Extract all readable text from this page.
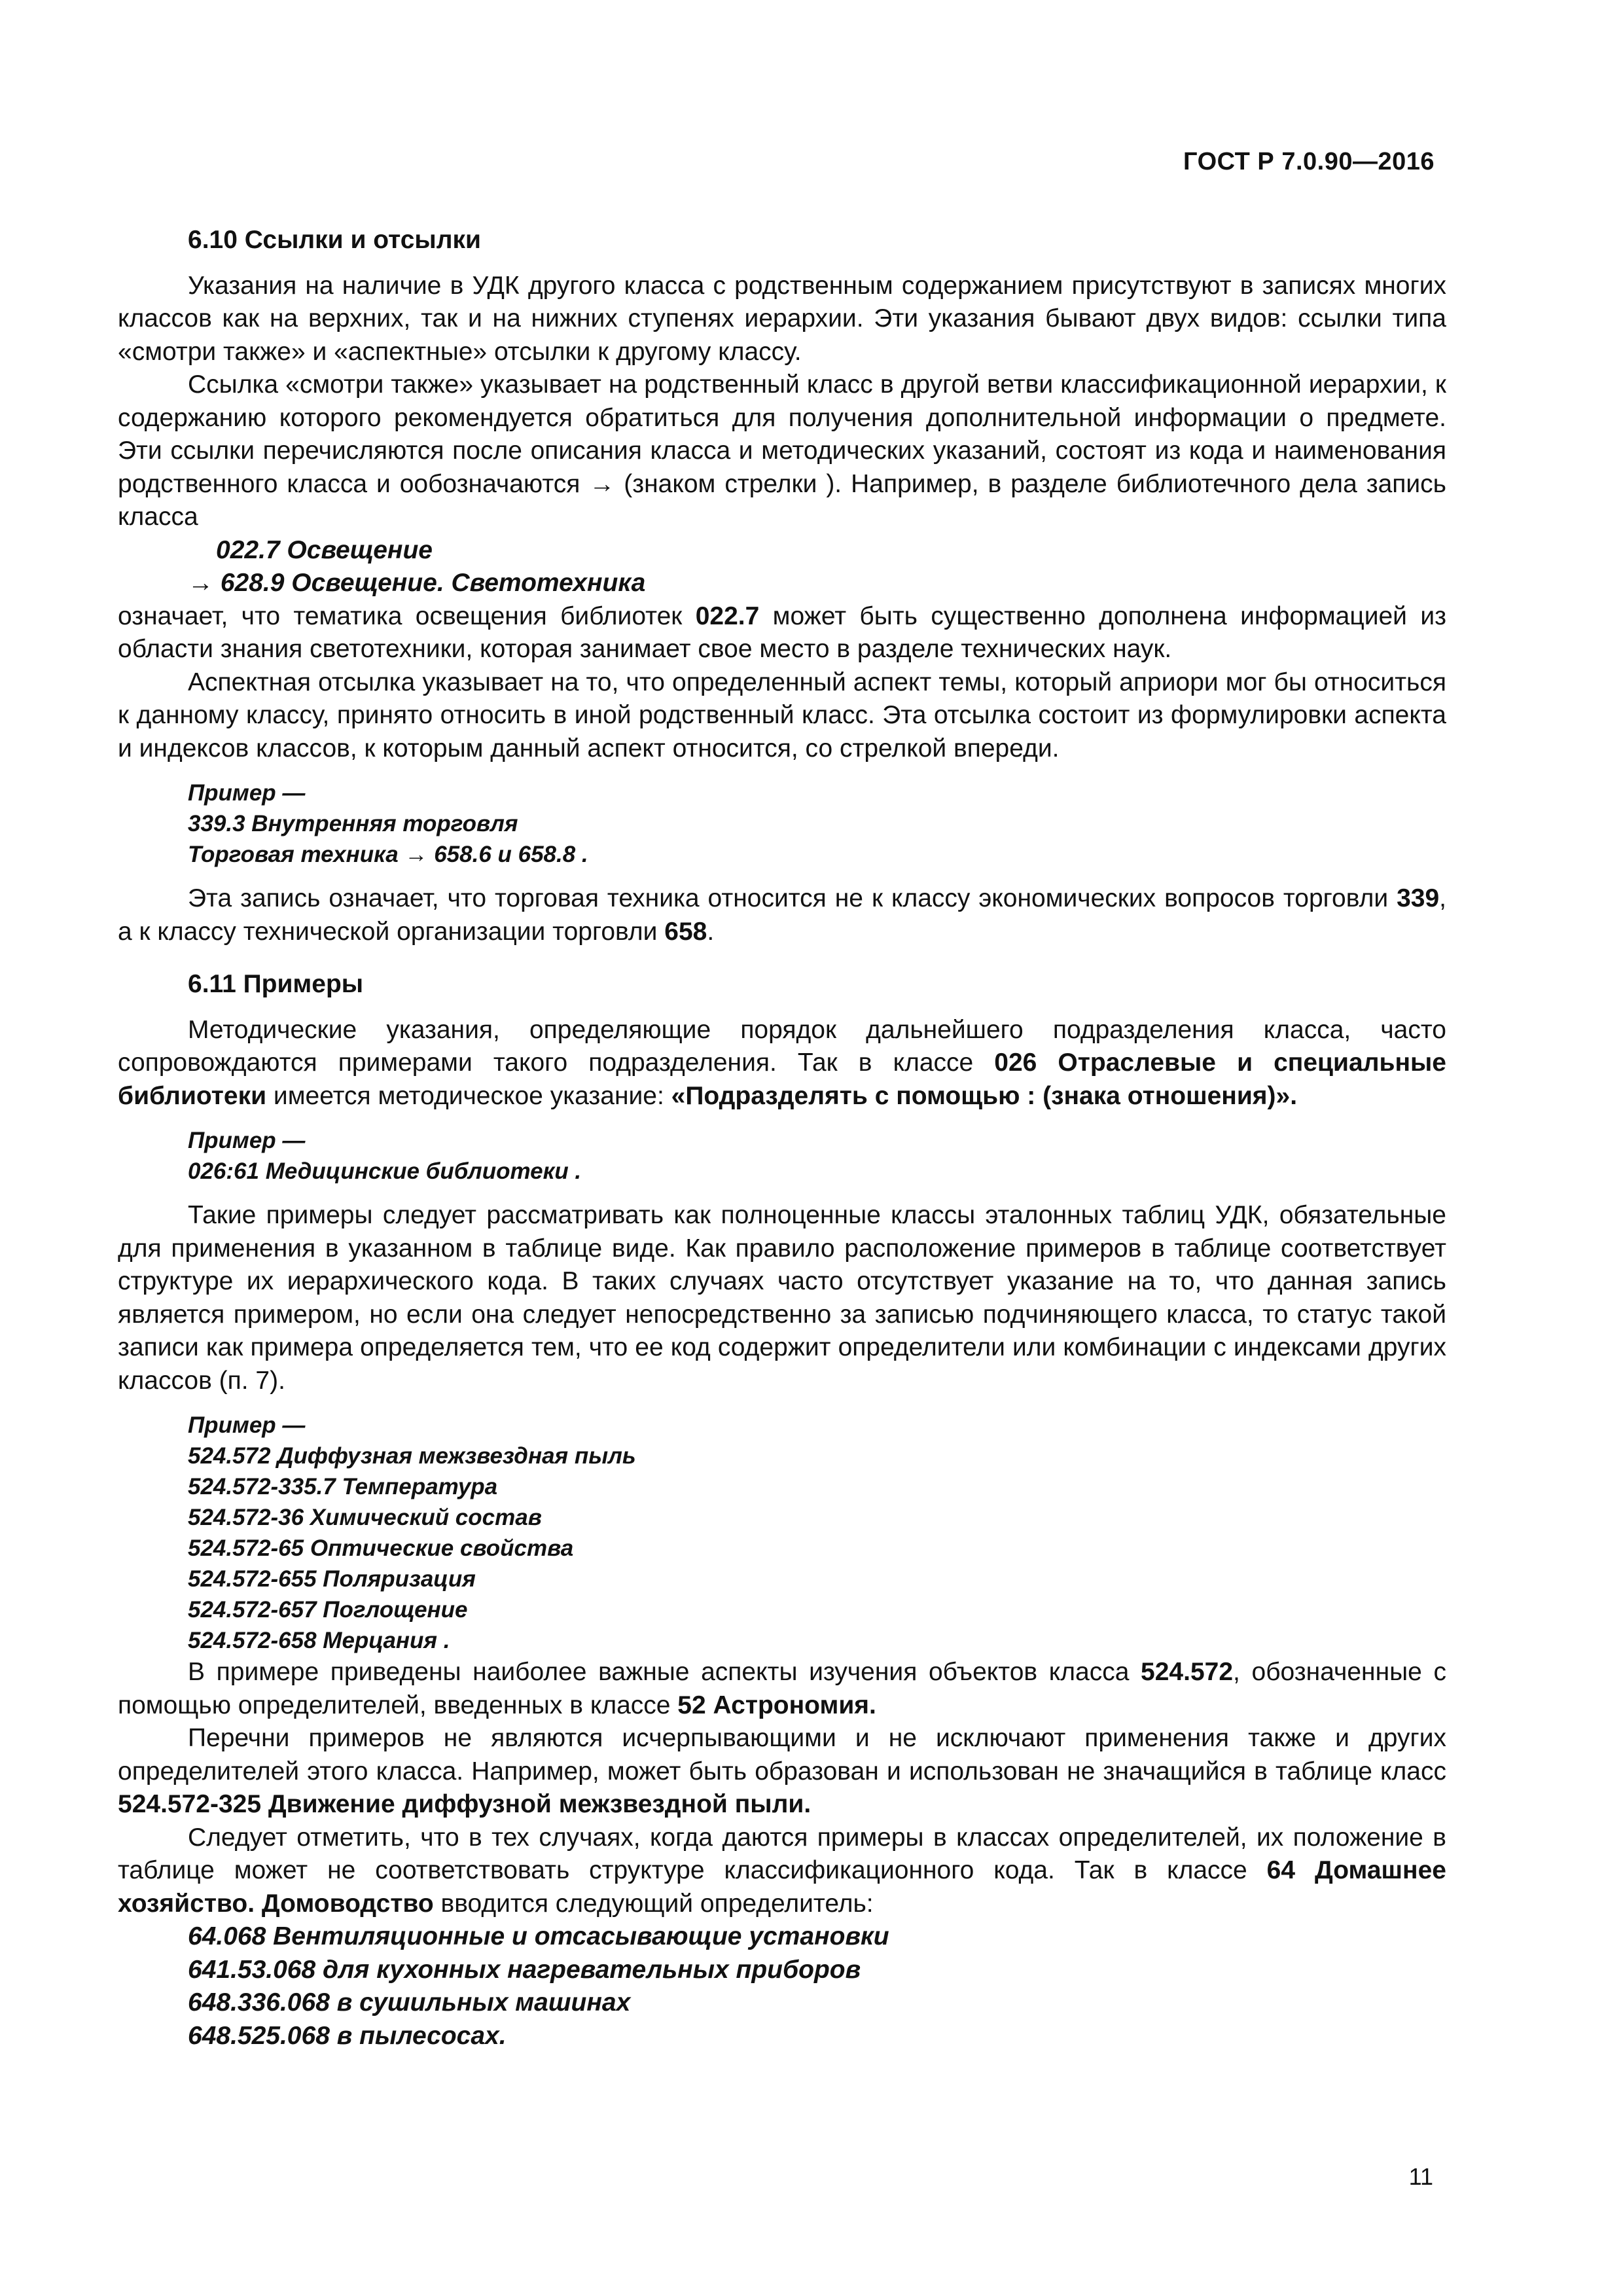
ГОСТ Р 7.0.90—2016

6.10 Ссылки и отсылки

Указания на наличие в УДК другого класса с родственным содержанием присутствуют в записях многих классов как на верхних, так и на нижних ступенях иерархии. Эти указания бывают двух видов: ссылки типа «смотри также» и «аспектные» отсылки к другому классу.

Ссылка «смотри также» указывает на родственный класс в другой ветви классификационной иерархии, к содержанию которого рекомендуется обратиться для получения дополнительной информации о предмете. Эти ссылки перечисляются после описания класса и методических указаний, состоят из кода и наименования родственного класса и ообозначаются → (знаком стрелки ). Например, в разделе библиотечного дела запись класса

022.7 Освещение

→ 628.9 Освещение. Светотехника

означает, что тематика освещения библиотек 022.7 может быть существенно дополнена информацией из области знания светотехники, которая занимает свое место в разделе технических наук.

Аспектная отсылка указывает на то, что определенный аспект темы, который априори мог бы относиться к данному классу, принято относить в иной родственный класс. Эта отсылка состоит из формулировки аспекта и индексов классов, к которым данный аспект относится, со стрелкой впереди.

Пример —

339.3 Внутренняя торговля

Торговая техника → 658.6 и 658.8 .

Эта запись означает, что торговая техника относится не к классу экономических вопросов торговли 339, а к классу технической организации торговли 658.

6.11 Примеры

Методические указания, определяющие порядок дальнейшего подразделения класса, часто сопровождаются примерами такого подразделения. Так в классе 026 Отраслевые и специальные библиотеки имеется методическое указание: «Подразделять с помощью : (знака отношения)».

Пример —

026:61 Медицинские библиотеки .

Такие примеры следует рассматривать как полноценные классы эталонных таблиц УДК, обязательные для применения в указанном в таблице виде. Как правило расположение примеров в таблице соответствует структуре их иерархического кода. В таких случаях часто отсутствует указание на то, что данная запись является примером, но если она следует непосредственно за записью подчиняющего класса, то статус такой записи как примера определяется тем, что ее код содержит определители или комбинации с индексами других классов (п. 7).

Пример —

524.572 Диффузная межзвездная пыль

524.572-335.7 Температура

524.572-36 Химический состав

524.572-65 Оптические свойства

524.572-655 Поляризация

524.572-657 Поглощение

524.572-658 Мерцания .

В примере приведены наиболее важные аспекты изучения объектов класса 524.572, обозначенные с помощью определителей, введенных в классе 52 Астрономия.

Перечни примеров не являются исчерпывающими и не исключают применения также и других определителей этого класса. Например, может быть образован и использован не значащийся в таблице класс 524.572-325 Движение диффузной межзвездной пыли.

Следует отметить, что в тех случаях, когда даются примеры в классах определителей, их положение в таблице может не соответствовать структуре классификационного кода. Так в классе 64 Домашнее хозяйство. Домоводство вводится следующий определитель:

64.068 Вентиляционные и отсасывающие установки

641.53.068 для кухонных нагревательных приборов

648.336.068 в сушильных машинах

648.525.068 в пылесосах.

11
